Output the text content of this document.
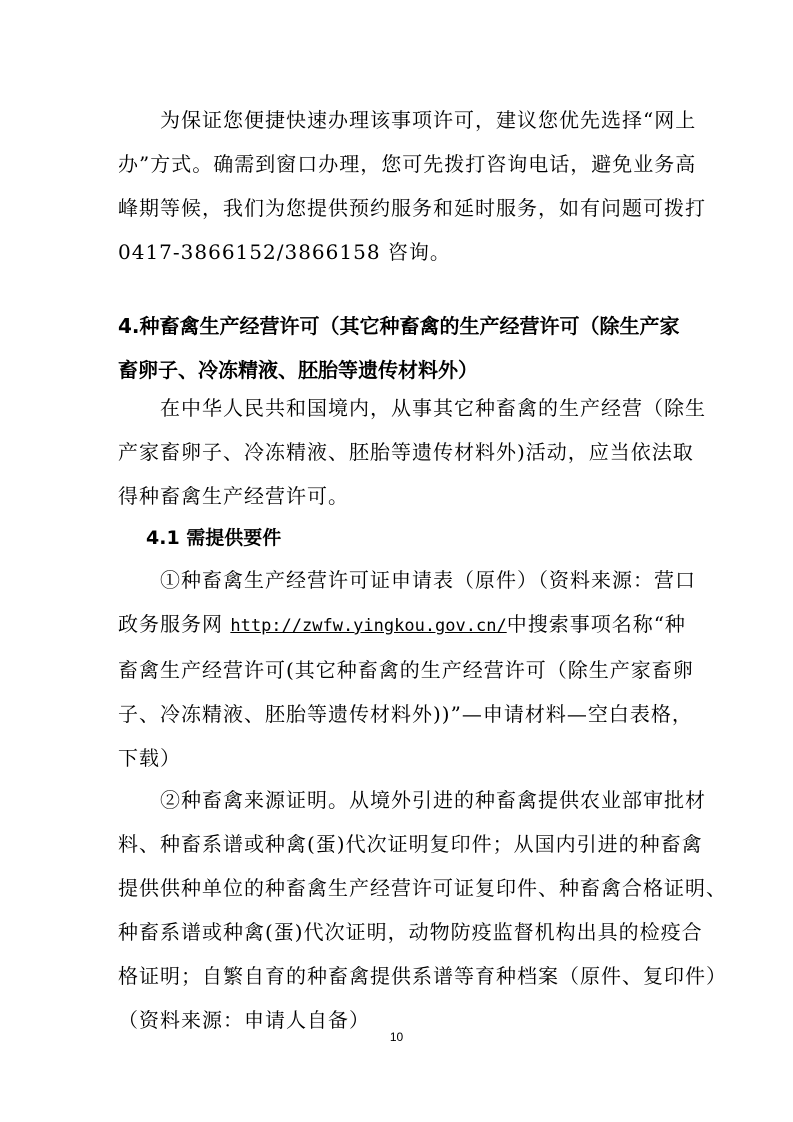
为保证您便捷快速办理该事项许可，建议您优先选择“网上
办”方式。确需到窗口办理，您可先拨打咨询电话，避免业务高
峰期等候，我们为您提供预约服务和延时服务，如有问题可拨打
0417-3866152/3866158 咨询。
4.种畜禽生产经营许可（其它种畜禽的生产经营许可（除生产家
畜卵子、冷冻精液、胚胎等遗传材料外）
在中华人民共和国境内，从事其它种畜禽的生产经营（除生
产家畜卵子、冷冻精液、胚胎等遗传材料外)活动，应当依法取
得种畜禽生产经营许可。
4.1 需提供要件
①种畜禽生产经营许可证申请表（原件）（资料来源：营口
政务服务网 http://zwfw.yingkou.gov.cn/中搜索事项名称“种
畜禽生产经营许可(其它种畜禽的生产经营许可（除生产家畜卵
子、冷冻精液、胚胎等遗传材料外))”—申请材料—空白表格，
下载）
②种畜禽来源证明。从境外引进的种畜禽提供农业部审批材
料、种畜系谱或种禽(蛋)代次证明复印件；从国内引进的种畜禽
提供供种单位的种畜禽生产经营许可证复印件、种畜禽合格证明、
种畜系谱或种禽(蛋)代次证明，动物防疫监督机构出具的检疫合
格证明；自繁自育的种畜禽提供系谱等育种档案（原件、复印件）
（资料来源：申请人自备）
10
